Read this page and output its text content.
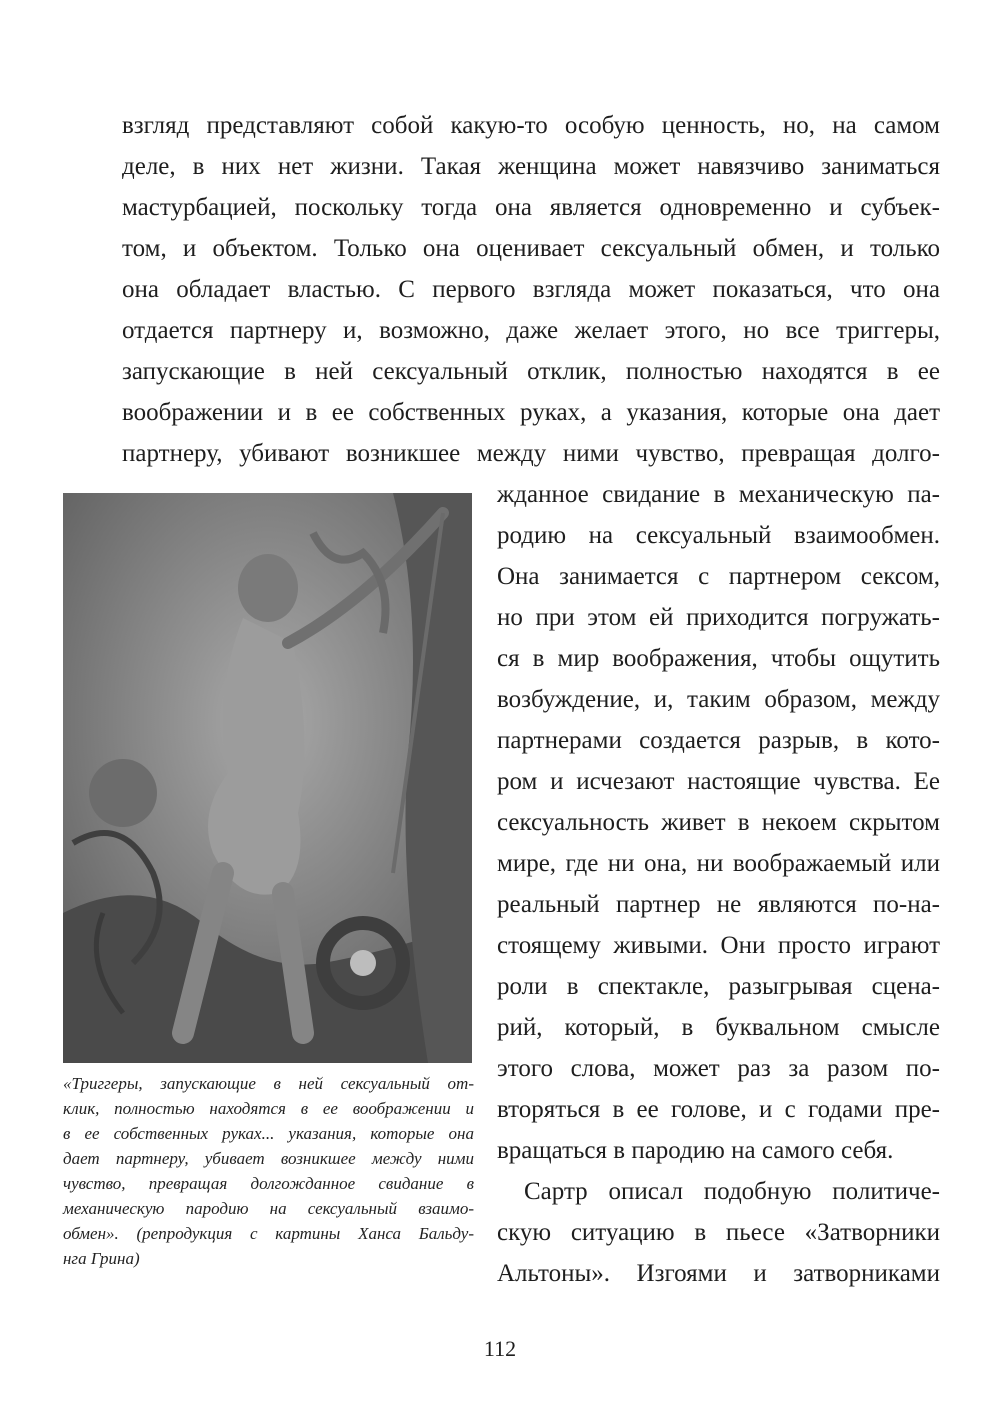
взгляд представляют собой какую-то особую ценность, но, на самом

деле, в них нет жизни. Такая женщина может навязчиво заниматься

мастурбацией, поскольку тогда она является одновременно и субъек-

том, и объектом. Только она оценивает сексуальный обмен, и только

она обладает властью. С первого взгляда может показаться, что она

отдается партнеру и, возможно, даже желает этого, но все триггеры,

запускающие в ней сексуальный отклик, полностью находятся в ее

воображении и в ее собственных руках, а указания, которые она дает

партнеру, убивают возникшее между ними чувство, превращая долго-

жданное свидание в механическую па-

родию на сексуальный взаимообмен.

Она занимается с партнером сексом,

но при этом ей приходится погружать-

ся в мир воображения, чтобы ощутить

возбуждение, и, таким образом, между

партнерами создается разрыв, в кото-

ром и исчезают настоящие чувства. Ее

сексуальность живет в некоем скрытом

мире, где ни она, ни воображаемый или

реальный партнер не являются по-на-

стоящему живыми. Они просто играют

роли в спектакле, разыгрывая сцена-

рий, который, в буквальном смысле

этого слова, может раз за разом по-

вторяться в ее голове, и с годами пре-

вращаться в пародию на самого себя.

Сартр описал подобную политиче-

скую ситуацию в пьесе «Затворники

Альтоны». Изгоями и затворниками

«Триггеры, запускающие в ней сексуальный от-

клик, полностью находятся в ее воображении и

в ее собственных руках... указания, которые она

дает партнеру, убивает возникшее между ними

чувство, превращая долгожданное свидание в

механическую пародию на сексуальный взаимо-

обмен». (репродукция с картины Ханса Бальду-

нга Грина)

112
